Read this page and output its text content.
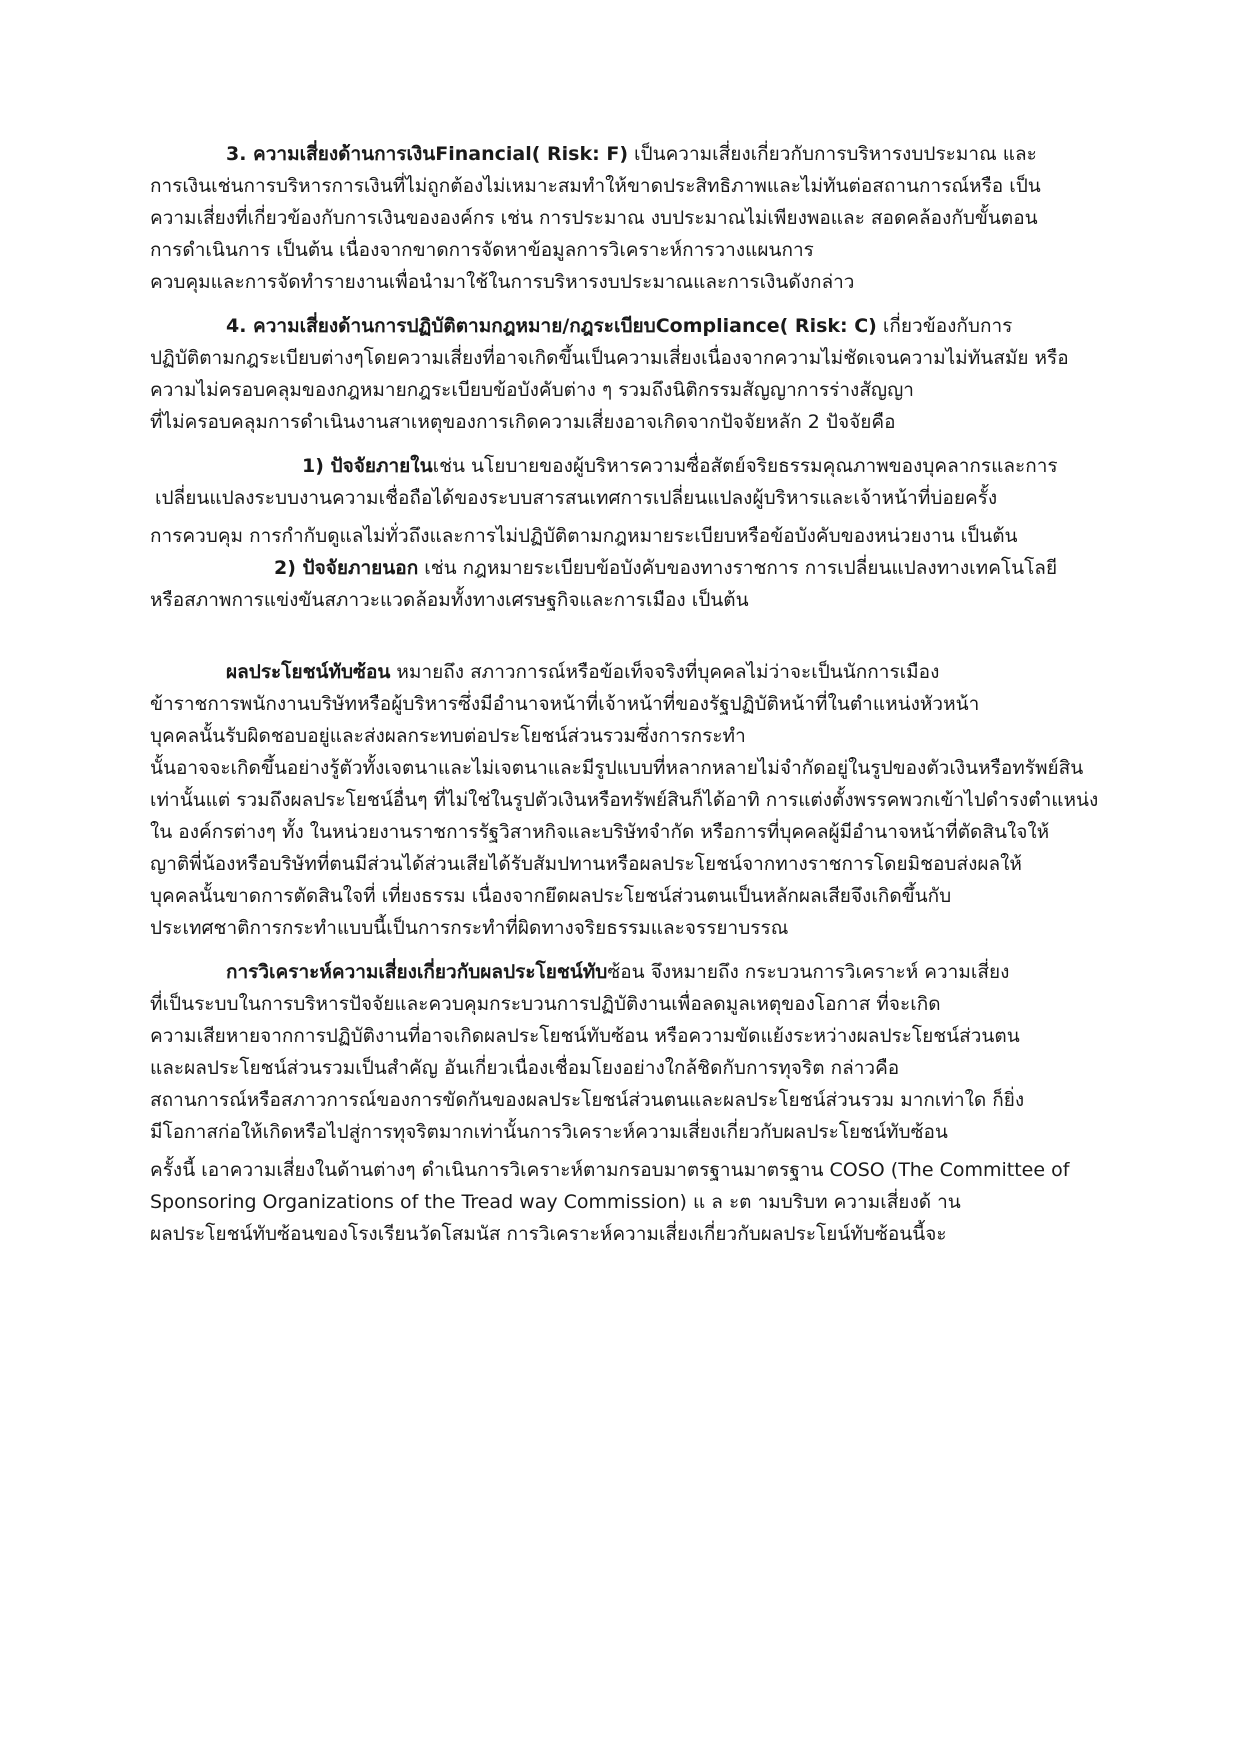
3. ความเสี่ยงด้านการเงินFinancial( Risk: F) เป็นความเสี่ยงเกี่ยวกับการบริหารงบประมาณ และ
การเงินเช่นการบริหารการเงินที่ไม่ถูกต้องไม่เหมาะสมทำให้ขาดประสิทธิภาพและไม่ทันต่อสถานการณ์หรือ เป็น
ความเสี่ยงที่เกี่ยวข้องกับการเงินขององค์กร เช่น การประมาณ งบประมาณไม่เพียงพอและ สอดคล้องกับขั้นตอน
การดำเนินการ เป็นต้น เนื่องจากขาดการจัดหาข้อมูลการวิเคราะห์การวางแผนการ
ควบคุมและการจัดทำรายงานเพื่อนำมาใช้ในการบริหารงบประมาณและการเงินดังกล่าว
4. ความเสี่ยงด้านการปฏิบัติตามกฎหมาย/กฎระเบียบCompliance( Risk: C) เกี่ยวข้องกับการ
ปฏิบัติตามกฎระเบียบต่างๆโดยความเสี่ยงที่อาจเกิดขึ้นเป็นความเสี่ยงเนื่องจากความไม่ชัดเจนความไม่ทันสมัย หรือ
ความไม่ครอบคลุมของกฎหมายกฎระเบียบข้อบังคับต่าง ๆ รวมถึงนิติกรรมสัญญาการร่างสัญญา
ที่ไม่ครอบคลุมการดำเนินงานสาเหตุของการเกิดความเสี่ยงอาจเกิดจากปัจจัยหลัก 2 ปัจจัยคือ
1) ปัจจัยภายในเช่น นโยบายของผู้บริหารความซื่อสัตย์จริยธรรมคุณภาพของบุคลากรและการ
เปลี่ยนแปลงระบบงานความเชื่อถือได้ของระบบสารสนเทศการเปลี่ยนแปลงผู้บริหารและเจ้าหน้าที่บ่อยครั้ง
การควบคุม การกำกับดูแลไม่ทั่วถึงและการไม่ปฏิบัติตามกฎหมายระเบียบหรือข้อบังคับของหน่วยงาน เป็นต้น
2) ปัจจัยภายนอก เช่น กฎหมายระเบียบข้อบังคับของทางราชการ การเปลี่ยนแปลงทางเทคโนโลยี
หรือสภาพการแข่งขันสภาวะแวดล้อมทั้งทางเศรษฐกิจและการเมือง เป็นต้น
ผลประโยชน์ทับซ้อน หมายถึง สภาวการณ์หรือข้อเท็จจริงที่บุคคลไม่ว่าจะเป็นนักการเมือง
ข้าราชการพนักงานบริษัทหรือผู้บริหารซึ่งมีอำนาจหน้าที่เจ้าหน้าที่ของรัฐปฏิบัติหน้าที่ในตำแหน่งหัวหน้า
บุคคลนั้นรับผิดชอบอยู่และส่งผลกระทบต่อประโยชน์ส่วนรวมซึ่งการกระทำ
นั้นอาจจะเกิดขึ้นอย่างรู้ตัวทั้งเจตนาและไม่เจตนาและมีรูปแบบที่หลากหลายไม่จำกัดอยู่ในรูปของตัวเงินหรือทรัพย์สิน
เท่านั้นแต่ รวมถึงผลประโยชน์อื่นๆ ที่ไม่ใช่ในรูปตัวเงินหรือทรัพย์สินก็ได้อาทิ การแต่งตั้งพรรคพวกเข้าไปดำรงตำแหน่ง
ใน องค์กรต่างๆ ทั้ง ในหน่วยงานราชการรัฐวิสาหกิจและบริษัทจำกัด หรือการที่บุคคลผู้มีอำนาจหน้าที่ตัดสินใจให้
ญาติพี่น้องหรือบริษัทที่ตนมีส่วนได้ส่วนเสียได้รับสัมปทานหรือผลประโยชน์จากทางราชการโดยมิชอบส่งผลให้
บุคคลนั้นขาดการตัดสินใจที่ เที่ยงธรรม เนื่องจากยึดผลประโยชน์ส่วนตนเป็นหลักผลเสียจึงเกิดขึ้นกับ
ประเทศชาติการกระทำแบบนี้เป็นการกระทำที่ผิดทางจริยธรรมและจรรยาบรรณ
การวิเคราะห์ความเสี่ยงเกี่ยวกับผลประโยชน์ทับซ้อน จึงหมายถึง กระบวนการวิเคราะห์ ความเสี่ยง
ที่เป็นระบบในการบริหารปัจจัยและควบคุมกระบวนการปฏิบัติงานเพื่อลดมูลเหตุของโอกาส ที่จะเกิด
ความเสียหายจากการปฏิบัติงานที่อาจเกิดผลประโยชน์ทับซ้อน หรือความขัดแย้งระหว่างผลประโยชน์ส่วนตน
และผลประโยชน์ส่วนรวมเป็นสำคัญ อันเกี่ยวเนื่องเชื่อมโยงอย่างใกล้ชิดกับการทุจริต กล่าวคือ
สถานการณ์หรือสภาวการณ์ของการขัดกันของผลประโยชน์ส่วนตนและผลประโยชน์ส่วนรวม มากเท่าใด ก็ยิ่ง
มีโอกาสก่อให้เกิดหรือไปสู่การทุจริตมากเท่านั้นการวิเคราะห์ความเสี่ยงเกี่ยวกับผลประโยชน์ทับซ้อน
ครั้งนี้ เอาความเสี่ยงในด้านต่างๆ ดำเนินการวิเคราะห์ตามกรอบมาตรฐานมาตรฐาน COSO (The Committee of
Sponsoring Organizations of the Tread way Commission) แ ล ะต ามบริบท ความเสี่ยงด้ าน
ผลประโยชน์ทับซ้อนของโรงเรียนวัดโสมนัส การวิเคราะห์ความเสี่ยงเกี่ยวกับผลประโยน์ทับซ้อนนี้จะ
